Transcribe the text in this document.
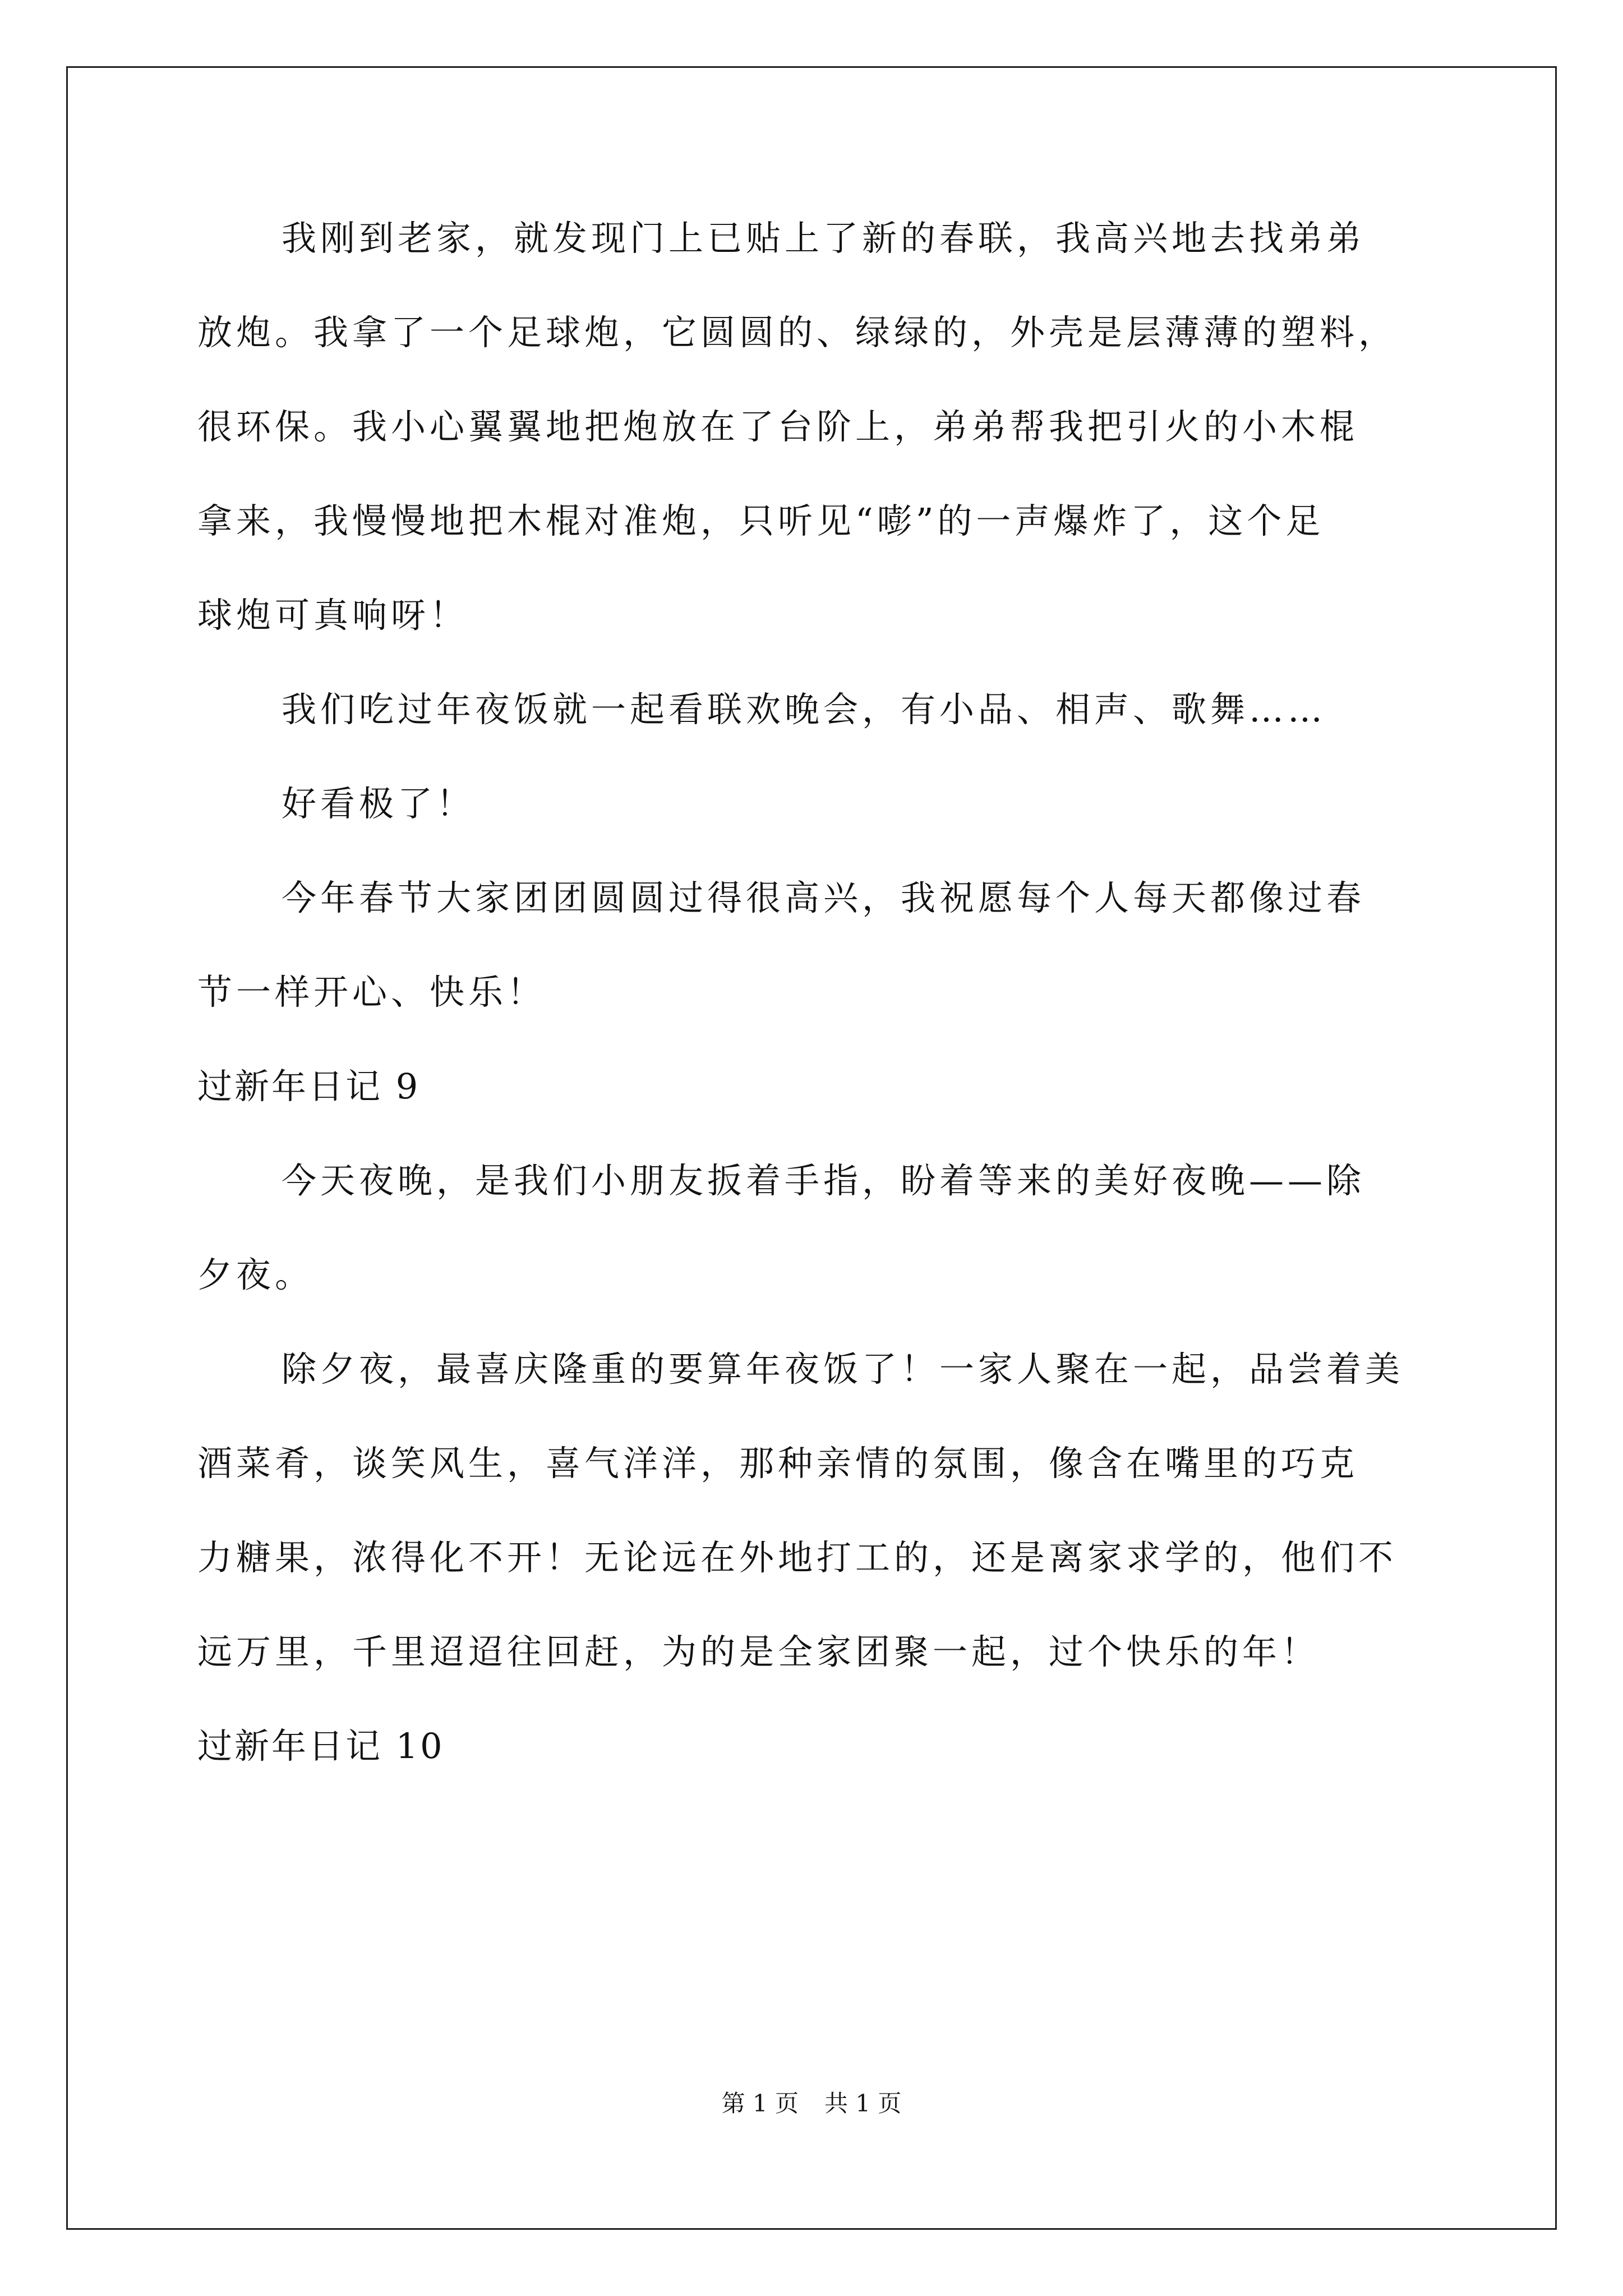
我刚到老家，就发现门上已贴上了新的春联，我高兴地去找弟弟
放炮。我拿了一个足球炮，它圆圆的、绿绿的，外壳是层薄薄的塑料，
很环保。我小心翼翼地把炮放在了台阶上，弟弟帮我把引火的小木棍
拿来，我慢慢地把木棍对准炮，只听见“嘭”的一声爆炸了，这个足
球炮可真响呀！
我们吃过年夜饭就一起看联欢晚会，有小品、相声、歌舞……
好看极了！
今年春节大家团团圆圆过得很高兴，我祝愿每个人每天都像过春
节一样开心、快乐！
过新年日记 9
今天夜晚，是我们小朋友扳着手指，盼着等来的美好夜晚——除
夕夜。
除夕夜，最喜庆隆重的要算年夜饭了！一家人聚在一起，品尝着美
酒菜肴，谈笑风生，喜气洋洋，那种亲情的氛围，像含在嘴里的巧克
力糖果，浓得化不开！无论远在外地打工的，还是离家求学的，他们不
远万里，千里迢迢往回赶，为的是全家团聚一起，过个快乐的年！
过新年日记 10
第 1 页 共 1 页
